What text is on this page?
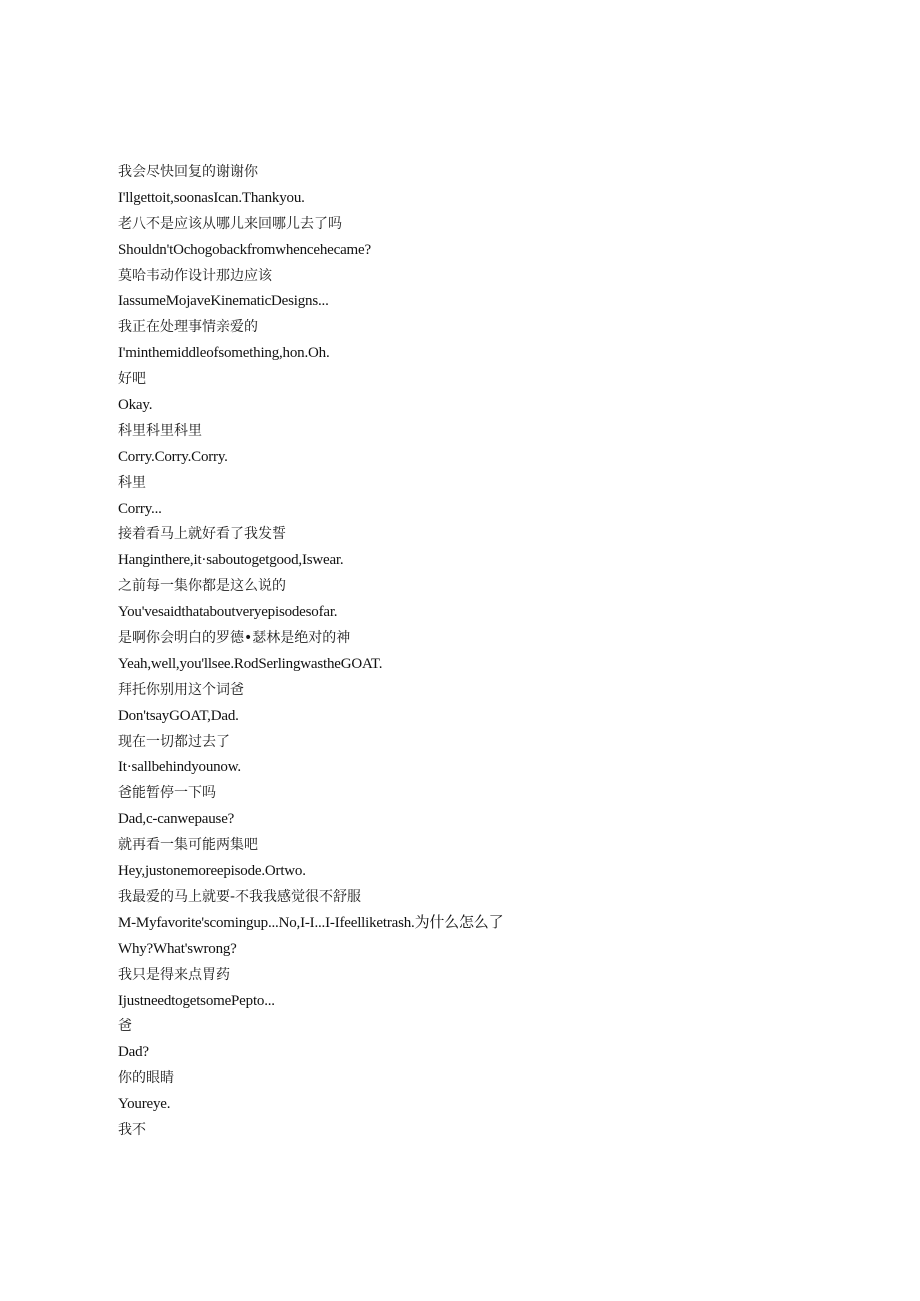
我会尽快回复的谢谢你
I'llgettoit,soonasIcan.Thankyou.
老八不是应该从哪儿来回哪儿去了吗
Shouldn'tOchogobackfromwhencehecame?
莫哈韦动作设计那边应该
IassumeMojaveKinematicDesigns...
我正在处理事情亲爱的
I'minthemiddleofsomething,hon.Oh.
好吧
Okay.
科里科里科里
Corry.Corry.Corry.
科里
Corry...
接着看马上就好看了我发誓
Hanginthere,it·saboutogetgood,Iswear.
之前每一集你都是这么说的
You'vesaidthataboutveryepisodesofar.
是啊你会明白的罗德•瑟林是绝对的神
Yeah,well,you'llsee.RodSerlingwastheGOAT.
拜托你别用这个词爸
Don'tsayGOAT,Dad.
现在一切都过去了
It·sallbehindyounow.
爸能暂停一下吗
Dad,c-canwepause?
就再看一集可能两集吧
Hey,justonemoreepisode.Ortwo.
我最爱的马上就要-不我我感觉很不舒服
M-Myfavorite'scomingup...No,I-I...I-Ifeelliketrash.为什么怎么了
Why?What'swrong?
我只是得来点胃药
IjustneedtogetsomePepto...
爸
Dad?
你的眼睛
Youreye.
我不
